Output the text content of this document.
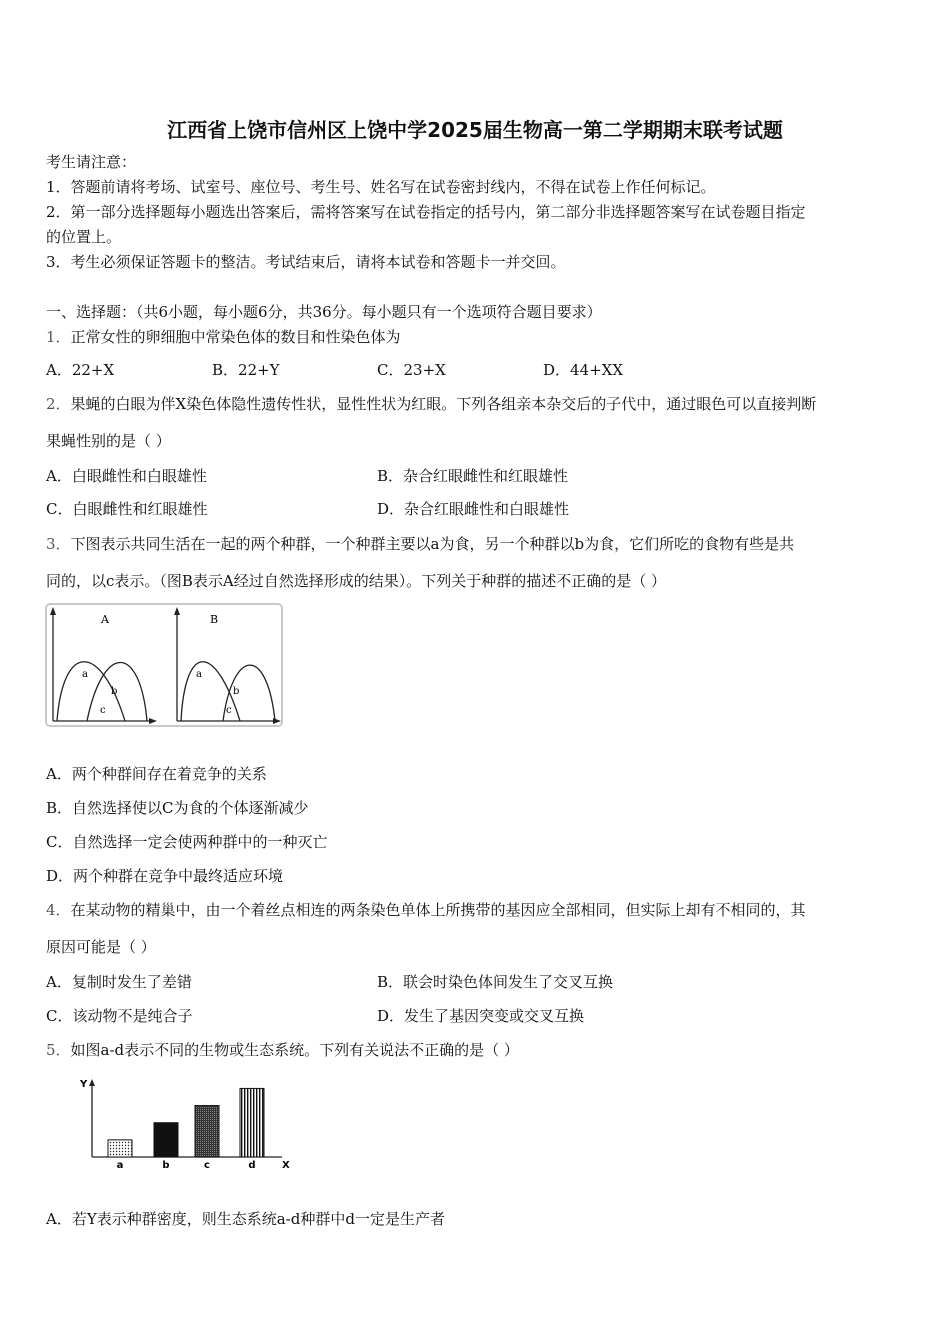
江西省上饶市信州区上饶中学2025届生物高一第二学期期末联考试题
考生请注意：
1．答题前请将考场、试室号、座位号、考生号、姓名写在试卷密封线内，不得在试卷上作任何标记。
2．第一部分选择题每小题选出答案后，需将答案写在试卷指定的括号内，第二部分非选择题答案写在试卷题目指定
的位置上。
3．考生必须保证答题卡的整洁。考试结束后，请将本试卷和答题卡一并交回。
一、选择题：（共6小题，每小题6分，共36分。每小题只有一个选项符合题目要求）
1．正常女性的卵细胞中常染色体的数目和性染色体为
A．22+X	B．22+Y	C．23+X	D．44+XX
2．果蝇的白眼为伴X染色体隐性遗传性状，显性性状为红眼。下列各组亲本杂交后的子代中，通过眼色可以直接判断
果蝇性别的是（ ）
A．白眼雌性和白眼雄性	B．杂合红眼雌性和红眼雄性
C．白眼雌性和红眼雄性	D．杂合红眼雌性和白眼雄性
3．下图表示共同生活在一起的两个种群，一个种群主要以a为食，另一个种群以b为食，它们所吃的食物有些是共
同的，以c表示。（图B表示A经过自然选择形成的结果）。下列关于种群的描述不正确的是（ ）
A
a
b
c
B
a
b
c
A．两个种群间存在着竞争的关系
B．自然选择使以C为食的个体逐渐减少
C．自然选择一定会使两种群中的一种灭亡
D．两个种群在竞争中最终适应环境
4．在某动物的精巢中，由一个着丝点相连的两条染色单体上所携带的基因应全部相同，但实际上却有不相同的，其
原因可能是（ ）
A．复制时发生了差错	B．联会时染色体间发生了交叉互换
C．该动物不是纯合子	D．发生了基因突变或交叉互换
5．如图a-d表示不同的生物或生态系统。下列有关说法不正确的是（ ）
Y
X
a	b	c	d
A．若Y表示种群密度，则生态系统a-d种群中d一定是生产者
